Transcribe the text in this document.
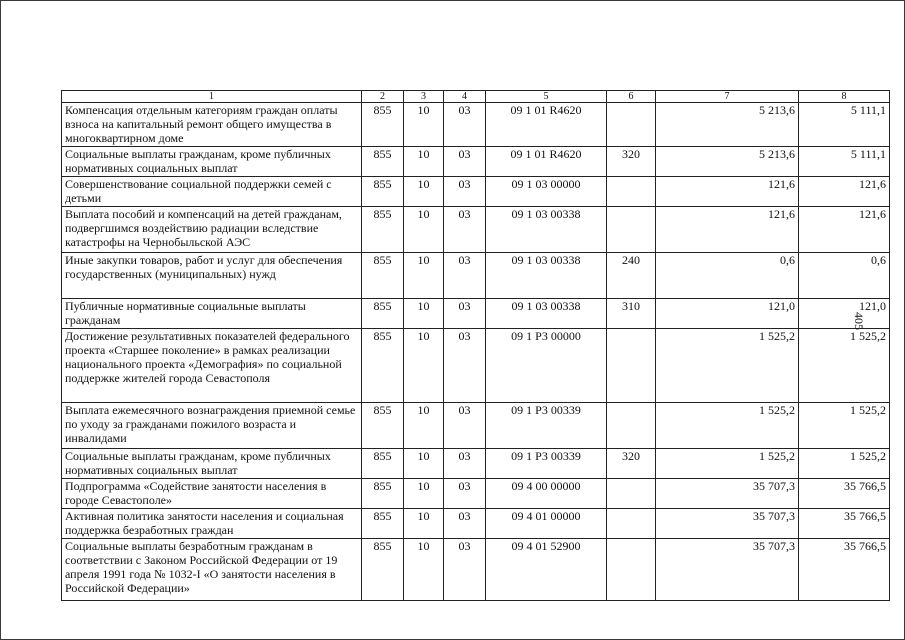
1	2	3	4	5	6	7	8
Компенсация отдельным категориям граждан оплаты взноса на капитальный ремонт общего имущества в многоквартирном доме	855	10	03	09 1 01 R4620		5 213,6	5 111,1
Социальные выплаты гражданам, кроме публичных нормативных социальных выплат	855	10	03	09 1 01 R4620	320	5 213,6	5 111,1
Совершенствование социальной поддержки семей с детьми	855	10	03	09 1 03 00000		121,6	121,6
Выплата пособий и компенсаций на детей гражданам, подвергшимся воздействию радиации вследствие катастрофы на Чернобыльской АЭС	855	10	03	09 1 03 00338		121,6	121,6
Иные закупки товаров, работ и услуг для обеспечения государственных (муниципальных) нужд	855	10	03	09 1 03 00338	240	0,6	0,6
Публичные нормативные социальные выплаты гражданам	855	10	03	09 1 03 00338	310	121,0	121,0
Достижение результативных показателей федерального проекта «Старшее поколение» в рамках реализации национального проекта «Демография» по социальной поддержке жителей города Севастополя	855	10	03	09 1 P3 00000		1 525,2	1 525,2
Выплата ежемесячного вознаграждения приемной семье по уходу за гражданами пожилого возраста и инвалидами	855	10	03	09 1 P3 00339		1 525,2	1 525,2
Социальные выплаты гражданам, кроме публичных нормативных социальных выплат	855	10	03	09 1 P3 00339	320	1 525,2	1 525,2
Подпрограмма «Содействие занятости населения в городе Севастополе»	855	10	03	09 4 00 00000		35 707,3	35 766,5
Активная политика занятости населения и социальная поддержка безработных граждан	855	10	03	09 4 01 00000		35 707,3	35 766,5
Социальные выплаты безработным гражданам в соответствии с Законом Российской Федерации от 19 апреля 1991 года № 1032-I «О занятости населения в Российской Федерации»	855	10	03	09 4 01 52900		35 707,3	35 766,5
405
